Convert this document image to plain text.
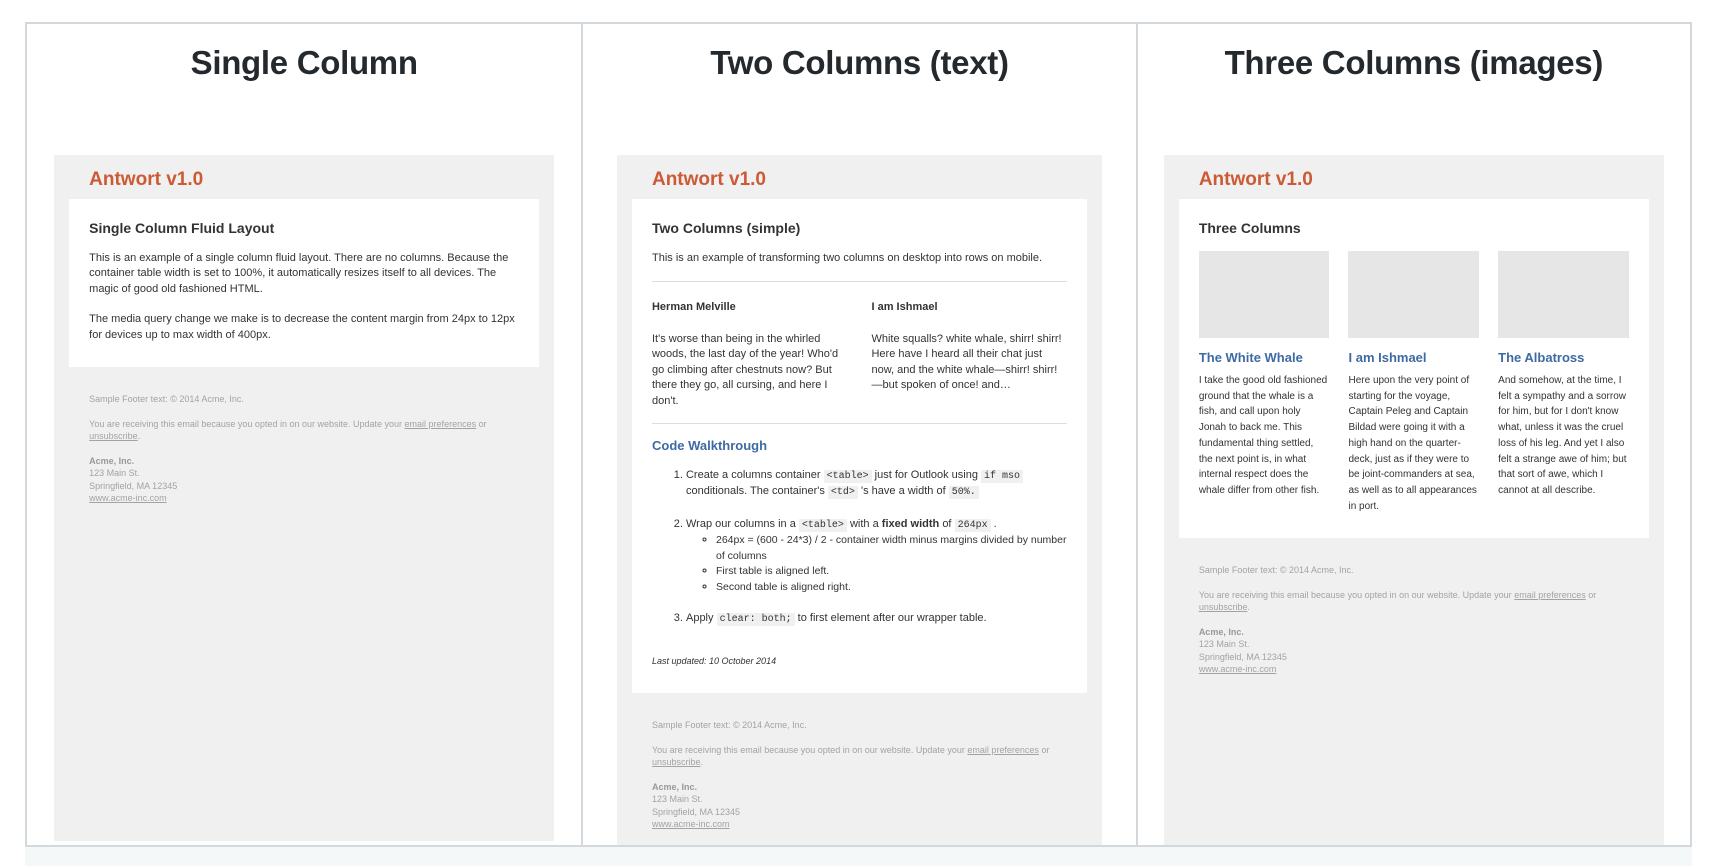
Single Column
Antwort v1.0
Single Column Fluid Layout

This is an example of a single column fluid layout. There are no columns. Because the container table width is set to 100%, it automatically resizes itself to all devices. The magic of good old fashioned HTML.

The media query change we make is to decrease the content margin from 24px to 12px for devices up to max width of 400px.

Sample Footer text: © 2014 Acme, Inc.

You are receiving this email because you opted in on our website. Update your email preferences or unsubscribe.

Acme, Inc.
123 Main St.
Springfield, MA 12345
www.acme-inc.com

Two Columns (text)
Antwort v1.0
Two Columns (simple)

This is an example of transforming two columns on desktop into rows on mobile.

Herman Melville

It's worse than being in the whirled woods, the last day of the year! Who'd go climbing after chestnuts now? But there they go, all cursing, and here I don't.

I am Ishmael

White squalls? white whale, shirr! shirr! Here have I heard all their chat just now, and the white whale—shirr! shirr!—but spoken of once! and…

Code Walkthrough
1. Create a columns container <table> just for Outlook using if mso conditionals. The container's <td> 's have a width of 50%.
2. Wrap our columns in a <table> with a fixed width of 264px .
◦ 264px = (600 - 24*3) / 2 - container width minus margins divided by number of columns
◦ First table is aligned left.
◦ Second table is aligned right.
3. Apply clear: both; to first element after our wrapper table.

Last updated: 10 October 2014

Sample Footer text: © 2014 Acme, Inc.

You are receiving this email because you opted in on our website. Update your email preferences or unsubscribe.

Acme, Inc.
123 Main St.
Springfield, MA 12345
www.acme-inc.com

Three Columns (images)
Antwort v1.0
Three Columns
The White Whale

I take the good old fashioned ground that the whale is a fish, and call upon holy Jonah to back me. This fundamental thing settled, the next point is, in what internal respect does the whale differ from other fish.

I am Ishmael

Here upon the very point of starting for the voyage, Captain Peleg and Captain Bildad were going it with a high hand on the quarter-deck, just as if they were to be joint-commanders at sea, as well as to all appearances in port.

The Albatross

And somehow, at the time, I felt a sympathy and a sorrow for him, but for I don't know what, unless it was the cruel loss of his leg. And yet I also felt a strange awe of him; but that sort of awe, which I cannot at all describe.

Sample Footer text: © 2014 Acme, Inc.

You are receiving this email because you opted in on our website. Update your email preferences or unsubscribe.

Acme, Inc.
123 Main St.
Springfield, MA 12345
www.acme-inc.com
